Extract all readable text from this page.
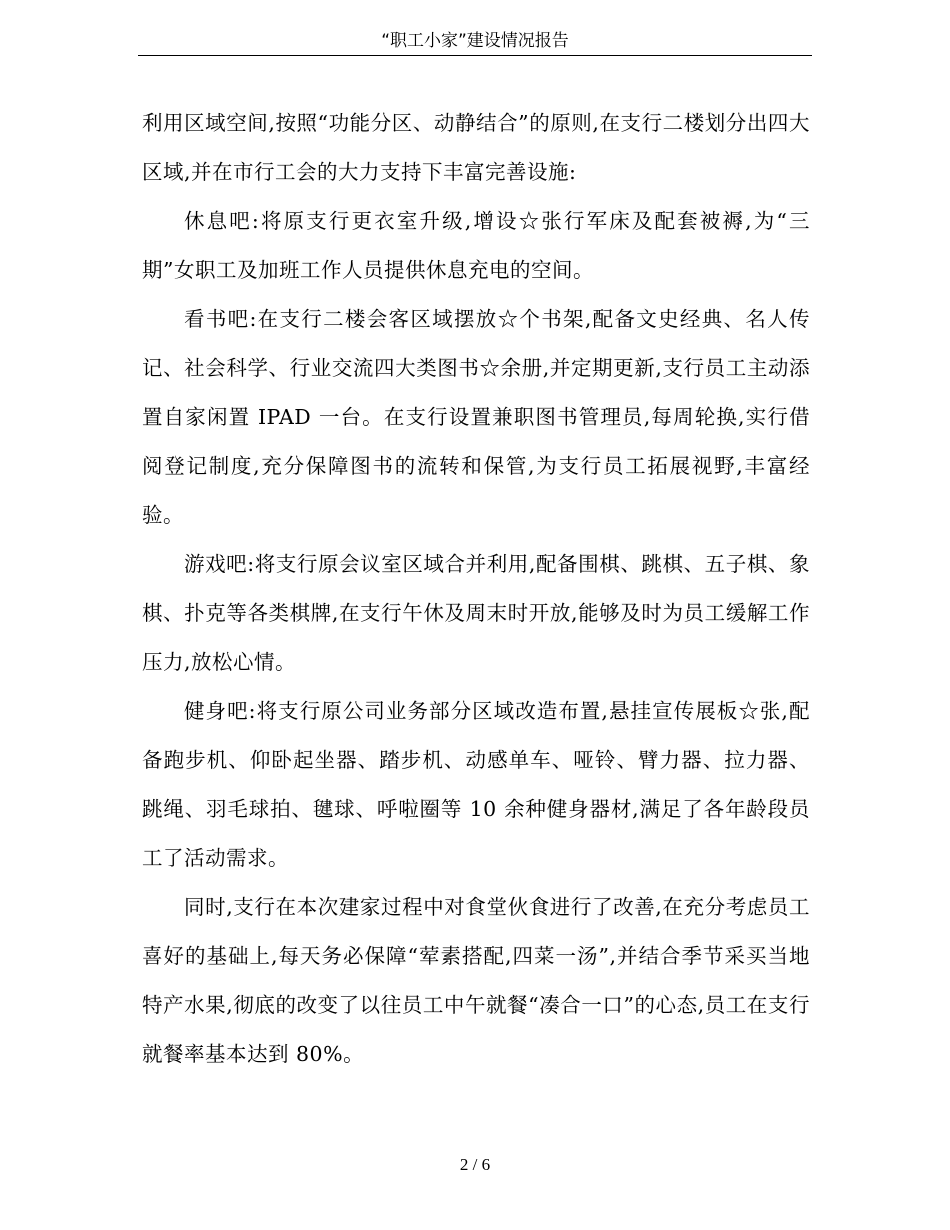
“职工小家”建设情况报告

利用区域空间,按照“功能分区、动静结合”的原则,在支行二楼划分出四大区域,并在市行工会的大力支持下丰富完善设施:

休息吧:将原支行更衣室升级,增设☆张行军床及配套被褥,为“三期”女职工及加班工作人员提供休息充电的空间。

看书吧:在支行二楼会客区域摆放☆个书架,配备文史经典、名人传记、社会科学、行业交流四大类图书☆余册,并定期更新,支行员工主动添置自家闲置 IPAD 一台。在支行设置兼职图书管理员,每周轮换,实行借阅登记制度,充分保障图书的流转和保管,为支行员工拓展视野,丰富经验。

游戏吧:将支行原会议室区域合并利用,配备围棋、跳棋、五子棋、象棋、扑克等各类棋牌,在支行午休及周末时开放,能够及时为员工缓解工作压力,放松心情。

健身吧:将支行原公司业务部分区域改造布置,悬挂宣传展板☆张,配备跑步机、仰卧起坐器、踏步机、动感单车、哑铃、臂力器、拉力器、跳绳、羽毛球拍、毽球、呼啦圈等 10 余种健身器材,满足了各年龄段员工了活动需求。

同时,支行在本次建家过程中对食堂伙食进行了改善,在充分考虑员工喜好的基础上,每天务必保障“荤素搭配,四菜一汤”,并结合季节采买当地特产水果,彻底的改变了以往员工中午就餐“凑合一口”的心态,员工在支行就餐率基本达到 80%。

2 / 6
